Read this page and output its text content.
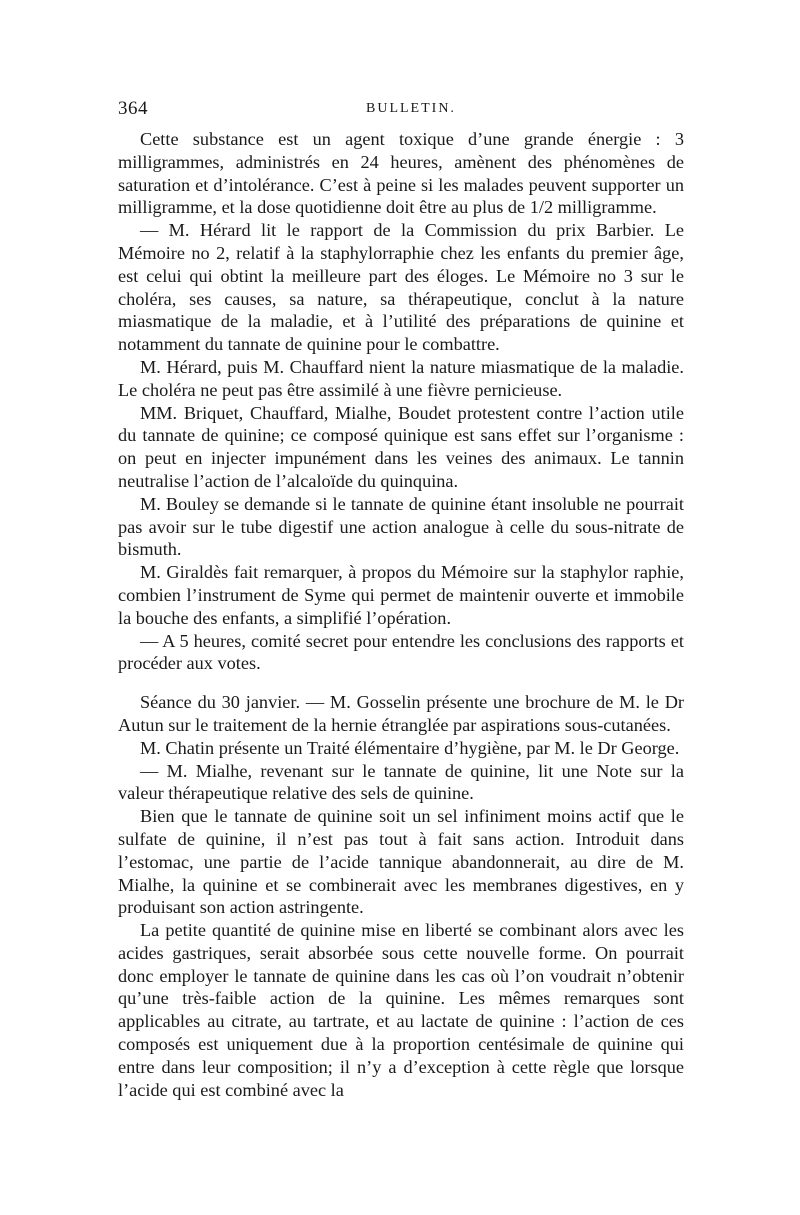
364	BULLETIN.

Cette substance est un agent toxique d’une grande énergie : 3 milligrammes, administrés en 24 heures, amènent des phénomènes de saturation et d’intolérance. C’est à peine si les malades peuvent supporter un milligramme, et la dose quotidienne doit être au plus de 1/2 milligramme.

— M. Hérard lit le rapport de la Commission du prix Barbier. Le Mémoire no 2, relatif à la staphylorraphie chez les enfants du premier âge, est celui qui obtint la meilleure part des éloges. Le Mémoire no 3 sur le choléra, ses causes, sa nature, sa thérapeutique, conclut à la nature miasmatique de la maladie, et à l’utilité des préparations de quinine et notamment du tannate de quinine pour le combattre.

M. Hérard, puis M. Chauffard nient la nature miasmatique de la maladie. Le choléra ne peut pas être assimilé à une fièvre pernicieuse.

MM. Briquet, Chauffard, Mialhe, Boudet protestent contre l’action utile du tannate de quinine; ce composé quinique est sans effet sur l’organisme : on peut en injecter impunément dans les veines des animaux. Le tannin neutralise l’action de l’alcaloïde du quinquina.

M. Bouley se demande si le tannate de quinine étant insoluble ne pourrait pas avoir sur le tube digestif une action analogue à celle du sous-nitrate de bismuth.

M. Giraldès fait remarquer, à propos du Mémoire sur la staphylor raphie, combien l’instrument de Syme qui permet de maintenir ouverte et immobile la bouche des enfants, a simplifié l’opération.

— A 5 heures, comité secret pour entendre les conclusions des rapports et procéder aux votes.

Séance du 30 janvier. — M. Gosselin présente une brochure de M. le Dr Autun sur le traitement de la hernie étranglée par aspirations sous-cutanées.

M. Chatin présente un Traité élémentaire d’hygiène, par M. le Dr George.

— M. Mialhe, revenant sur le tannate de quinine, lit une Note sur la valeur thérapeutique relative des sels de quinine.

Bien que le tannate de quinine soit un sel infiniment moins actif que le sulfate de quinine, il n’est pas tout à fait sans action. Introduit dans l’estomac, une partie de l’acide tannique abandonnerait, au dire de M. Mialhe, la quinine et se combinerait avec les membranes digestives, en y produisant son action astringente.

La petite quantité de quinine mise en liberté se combinant alors avec les acides gastriques, serait absorbée sous cette nouvelle forme. On pourrait donc employer le tannate de quinine dans les cas où l’on voudrait n’obtenir qu’une très-faible action de la quinine. Les mêmes remarques sont applicables au citrate, au tartrate, et au lactate de quinine : l’action de ces composés est uniquement due à la proportion centésimale de quinine qui entre dans leur composition; il n’y a d’exception à cette règle que lorsque l’acide qui est combiné avec la
